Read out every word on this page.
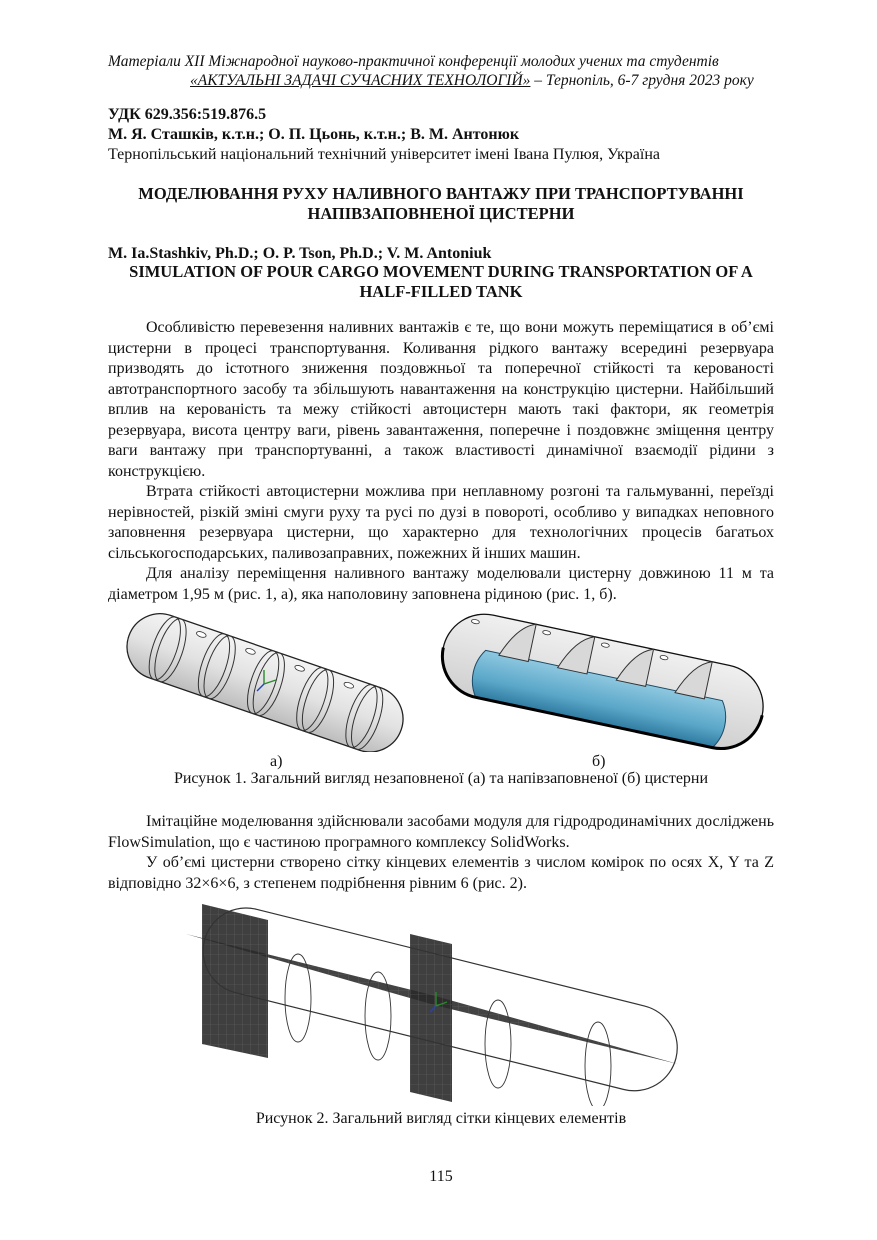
Матеріали XІI Міжнародної науково-практичної конференції молодих учених та студентів
«АКТУАЛЬНІ ЗАДАЧІ СУЧАСНИХ ТЕХНОЛОГІЙ» – Тернопіль, 6-7 грудня 2023 року
УДК 629.356:519.876.5
М. Я. Сташків, к.т.н.; О. П. Цьонь, к.т.н.; В. М. Антонюк
Тернопільський національний технічний університет імені Івана Пулюя, Україна
МОДЕЛЮВАННЯ РУХУ НАЛИВНОГО ВАНТАЖУ ПРИ ТРАНСПОРТУВАННІ НАПІВЗАПОВНЕНОЇ ЦИСТЕРНИ
M. Ia.Stashkiv, Ph.D.; O. P. Tson, Ph.D.; V. M. Antoniuk
SIMULATION OF POUR CARGO MOVEMENT DURING TRANSPORTATION OF A HALF-FILLED TANK

Особливістю перевезення наливних вантажів є те, що вони можуть переміщатися в об’ємі цистерни в процесі транспортування. Коливання рідкого вантажу всередині резервуара призводять до істотного зниження поздовжньої та поперечної стійкості та керованості автотранспортного засобу та збільшують навантаження на конструкцію цистерни. Найбільший вплив на керованість та межу стійкості автоцистерн мають такі фактори, як геометрія резервуара, висота центру ваги, рівень завантаження, поперечне і поздовжнє зміщення центру ваги вантажу при транспортуванні, а також властивості динамічної взаємодії рідини з конструкцією.

Втрата стійкості автоцистерни можлива при неплавному розгоні та гальмуванні, переїзді нерівностей, різкій зміні смуги руху та русі по дузі в повороті, особливо у випадках неповного заповнення резервуара цистерни, що характерно для технологічних процесів багатьох сільськогосподарських, паливозаправних, пожежних й інших машин.

Для аналізу переміщення наливного вантажу моделювали цистерну довжиною 11 м та діаметром 1,95 м (рис. 1, а), яка наполовину заповнена рідиною (рис. 1, б).

а)	б)
Рисунок 1. Загальний вигляд незаповненої (а) та напівзаповненої (б) цистерни

Імітаційне моделювання здійснювали засобами модуля для гідродродинамічних досліджень FlowSimulation, що є частиною програмного комплексу SolidWorks.

У об’ємі цистерни створено сітку кінцевих елементів з числом комірок по осях X, Y та Z відповідно 32×6×6, з степенем подрібнення рівним 6 (рис. 2).

Рисунок 2. Загальний вигляд сітки кінцевих елементів
115
